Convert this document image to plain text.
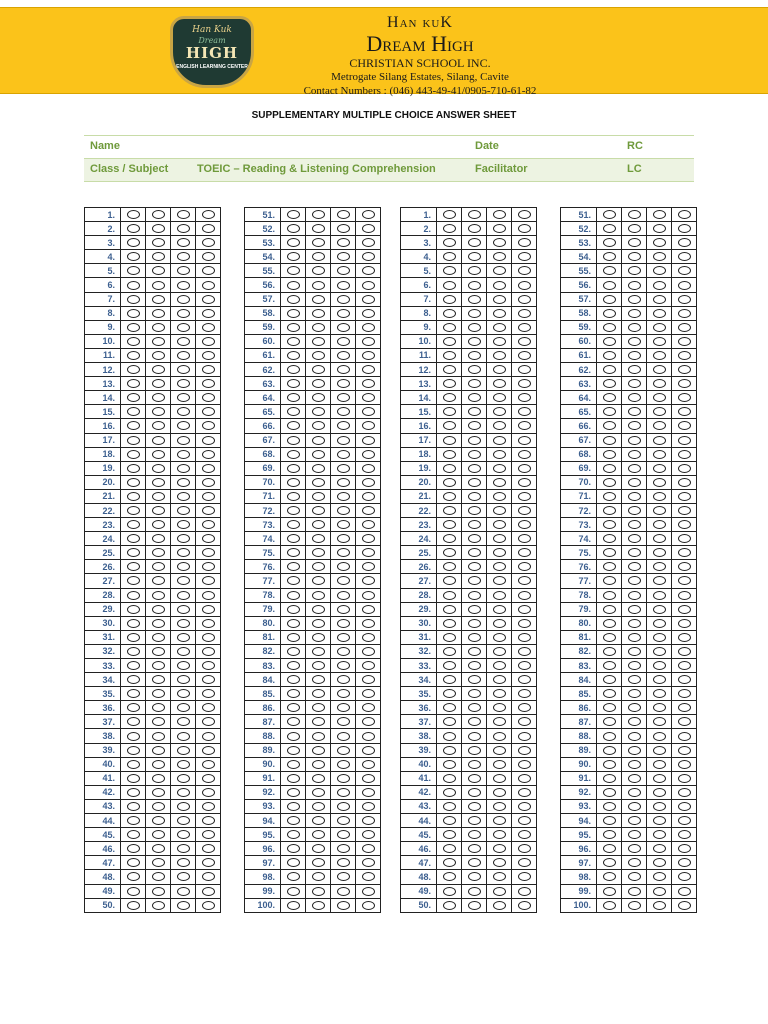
Han Kuk
Dream
HIGH
ENGLISH LEARNING CENTER
Han kuK
Dream High
CHRISTIAN SCHOOL INC.
Metrogate Silang Estates, Silang, Cavite
Contact Numbers : (046) 443-49-41/0905-710-61-82
SUPPLEMENTARY MULTIPLE CHOICE ANSWER SHEET
Name	Date	RC
Class / Subject	TOEIC – Reading & Listening Comprehension	Facilitator	LC
1.				
2.				
3.				
4.				
5.				
6.				
7.				
8.				
9.				
10.				
11.				
12.				
13.				
14.				
15.				
16.				
17.				
18.				
19.				
20.				
21.				
22.				
23.				
24.				
25.				
26.				
27.				
28.				
29.				
30.				
31.				
32.				
33.				
34.				
35.				
36.				
37.				
38.				
39.				
40.				
41.				
42.				
43.				
44.				
45.				
46.				
47.				
48.				
49.				
50.				
51.				
52.				
53.				
54.				
55.				
56.				
57.				
58.				
59.				
60.				
61.				
62.				
63.				
64.				
65.				
66.				
67.				
68.				
69.				
70.				
71.				
72.				
73.				
74.				
75.				
76.				
77.				
78.				
79.				
80.				
81.				
82.				
83.				
84.				
85.				
86.				
87.				
88.				
89.				
90.				
91.				
92.				
93.				
94.				
95.				
96.				
97.				
98.				
99.				
100.				
1.				
2.				
3.				
4.				
5.				
6.				
7.				
8.				
9.				
10.				
11.				
12.				
13.				
14.				
15.				
16.				
17.				
18.				
19.				
20.				
21.				
22.				
23.				
24.				
25.				
26.				
27.				
28.				
29.				
30.				
31.				
32.				
33.				
34.				
35.				
36.				
37.				
38.				
39.				
40.				
41.				
42.				
43.				
44.				
45.				
46.				
47.				
48.				
49.				
50.				
51.				
52.				
53.				
54.				
55.				
56.				
57.				
58.				
59.				
60.				
61.				
62.				
63.				
64.				
65.				
66.				
67.				
68.				
69.				
70.				
71.				
72.				
73.				
74.				
75.				
76.				
77.				
78.				
79.				
80.				
81.				
82.				
83.				
84.				
85.				
86.				
87.				
88.				
89.				
90.				
91.				
92.				
93.				
94.				
95.				
96.				
97.				
98.				
99.				
100.				
